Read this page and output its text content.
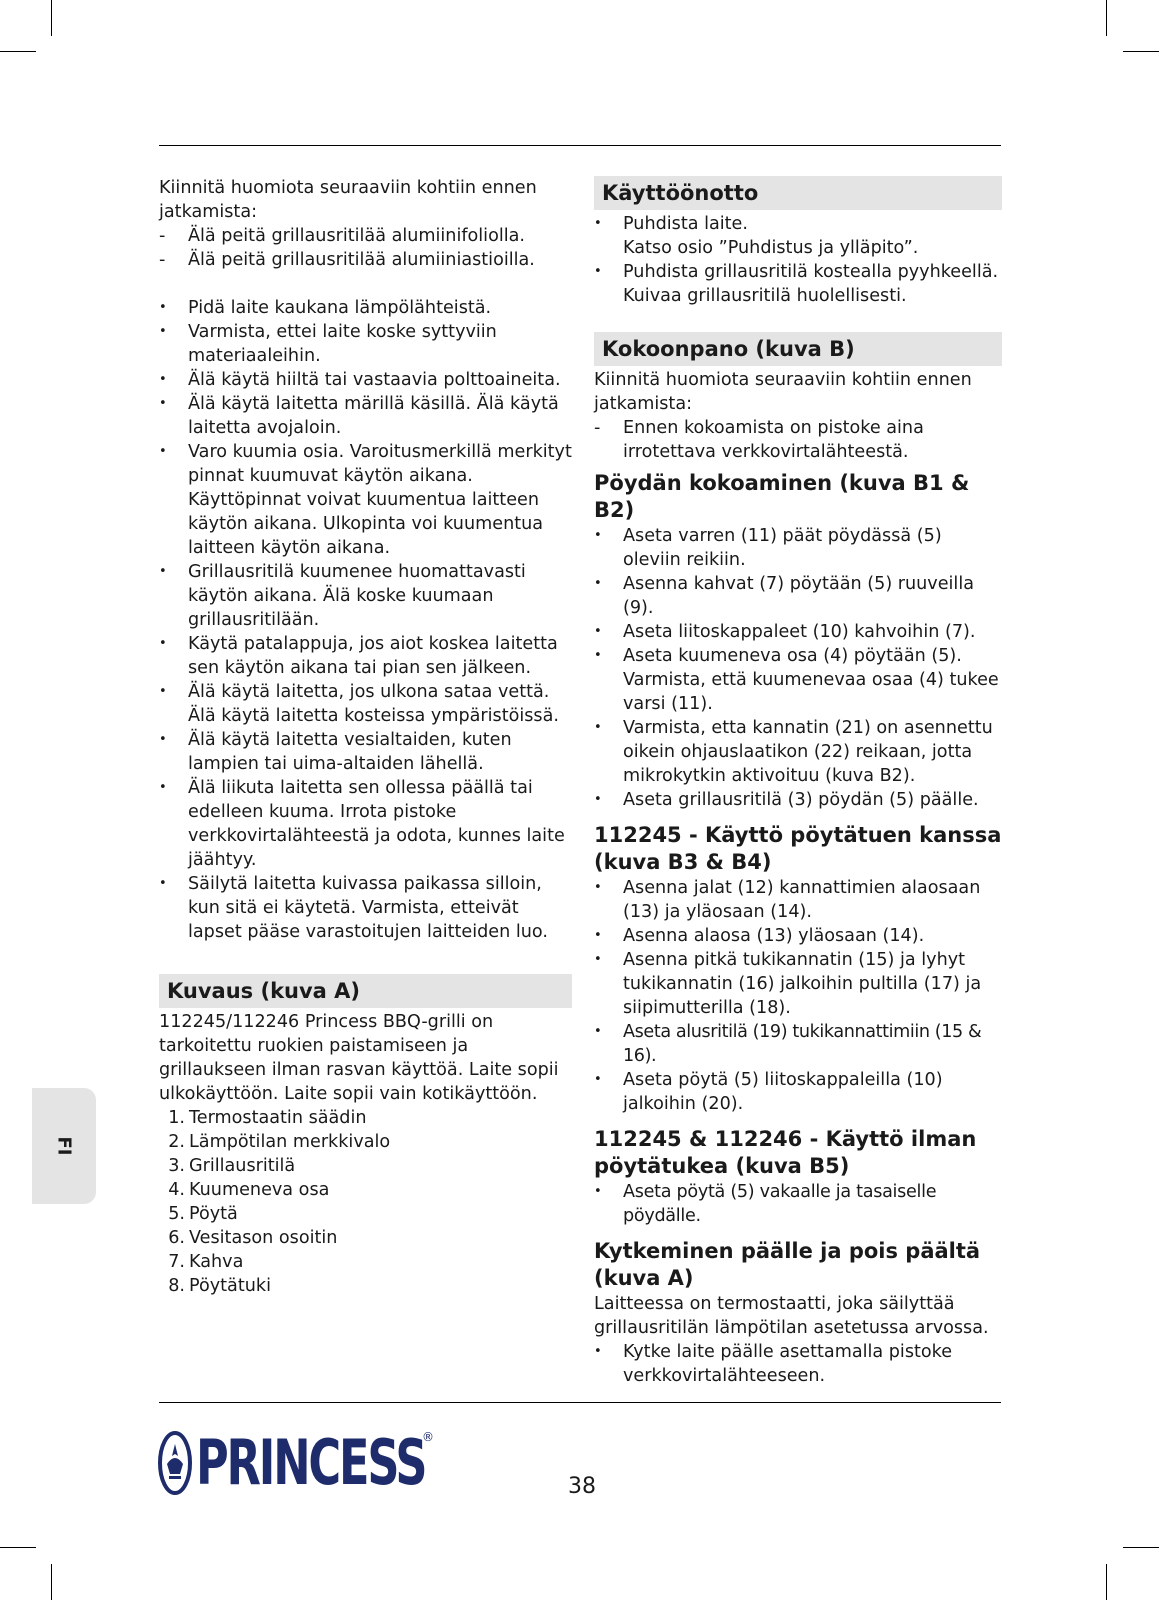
FI

Kiinnitä huomiota seuraaviin kohtiin ennen

jatkamista:

-	Älä peitä grillausritilää alumiinifoliolla.
-	Älä peitä grillausritilää alumiiniastioilla.
•	Pidä laite kaukana lämpölähteistä.
•	Varmista, ettei laite koske syttyviin materiaaleihin.
•	Älä käytä hiiltä tai vastaavia polttoaineita.
•	Älä käytä laitetta märillä käsillä. Älä käytä laitetta avojaloin.
•	Varo kuumia osia. Varoitusmerkillä merkityt pinnat kuumuvat käytön aikana. Käyttöpinnat voivat kuumentua laitteen käytön aikana. Ulkopinta voi kuumentua laitteen käytön aikana.
•	Grillausritilä kuumenee huomattavasti käytön aikana. Älä koske kuumaan grillausritilään.
•	Käytä patalappuja, jos aiot koskea laitetta sen käytön aikana tai pian sen jälkeen.
•	Älä käytä laitetta, jos ulkona sataa vettä. Älä käytä laitetta kosteissa ympäristöissä.
•	Älä käytä laitetta vesialtaiden, kuten lampien tai uima-altaiden lähellä.
•	Älä liikuta laitetta sen ollessa päällä tai edelleen kuuma. Irrota pistoke verkkovirtalähteestä ja odota, kunnes laite jäähtyy.
•	Säilytä laitetta kuivassa paikassa silloin, kun sitä ei käytetä. Varmista, etteivät lapset pääse varastoitujen laitteiden luo.
Kuvaus (kuva A)

112245/112246 Princess BBQ-grilli on tarkoitettu ruokien paistamiseen ja grillaukseen ilman rasvan käyttöä. Laite sopii ulkokäyttöön. Laite sopii vain kotikäyttöön.

1. Termostaatin säädin
2. Lämpötilan merkkivalo
3. Grillausritilä
4. Kuumeneva osa
5. Pöytä
6. Vesitason osoitin
7. Kahva
8. Pöytätuki
Käyttöönotto
•	Puhdista laite.
Katso osio ”Puhdistus ja ylläpito”.
•	Puhdista grillausritilä kostealla pyyhkeellä.
Kuivaa grillausritilä huolellisesti.
Kokoonpano (kuva B)

Kiinnitä huomiota seuraaviin kohtiin ennen

jatkamista:

-	Ennen kokoamista on pistoke aina irrotettava verkkovirtalähteestä.
Pöydän kokoaminen (kuva B1 & B2)
•	Aseta varren (11) päät pöydässä (5) oleviin reikiin.
•	Asenna kahvat (7) pöytään (5) ruuveilla (9).
•	Aseta liitoskappaleet (10) kahvoihin (7).
•	Aseta kuumeneva osa (4) pöytään (5). Varmista, että kuumenevaa osaa (4) tukee varsi (11).
•	Varmista, etta kannatin (21) on asennettu oikein ohjauslaatikon (22) reikaan, jotta mikrokytkin aktivoituu (kuva B2).
•	Aseta grillausritilä (3) pöydän (5) päälle.
112245 - Käyttö pöytätuen kanssa
(kuva B3 & B4)
•	Asenna jalat (12) kannattimien alaosaan (13) ja yläosaan (14).
•	Asenna alaosa (13) yläosaan (14).
•	Asenna pitkä tukikannatin (15) ja lyhyt tukikannatin (16) jalkoihin pultilla (17) ja siipimutterilla (18).
•	Aseta alusritilä (19) tukikannattimiin (15 & 16).
•	Aseta pöytä (5) liitoskappaleilla (10) jalkoihin (20).
112245 & 112246 - Käyttö ilman
pöytätukea (kuva B5)
•	Aseta pöytä (5) vakaalle ja tasaiselle pöydälle.
Kytkeminen päälle ja pois päältä
(kuva A)

Laitteessa on termostaatti, joka säilyttää

grillausritilän lämpötilan asetetussa arvossa.

•	Kytke laite päälle asettamalla pistoke verkkovirtalähteeseen.
PRINCESS
®
38
